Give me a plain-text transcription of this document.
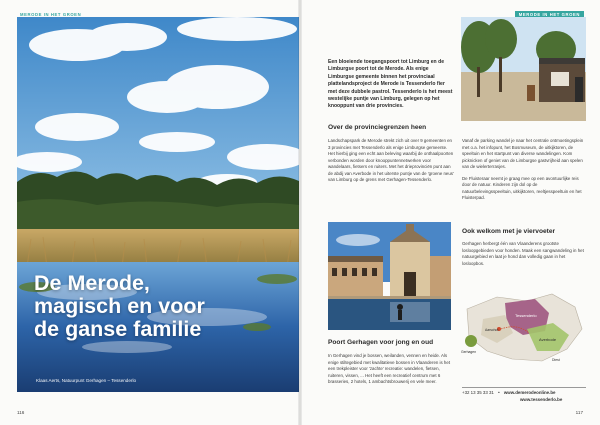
MERODE IN HET GROEN
De Merode,
magisch en voor
de ganse familie
Klaas Aerts, Natuurpunt Gerhagen – Tessenderlo
116
MERODE IN HET GROEN
117
Een bloeiende toegangspoort tot Limburg en de Limburgse poort tot de Merode. Als enige Limburgse gemeente binnen het provinciaal plattelandsproject de Merode is Tessenderlo fier met deze dubbele pastrol. Tessenderlo is het meest westelijke puntje van Limburg, gelegen op het knooppunt van drie provincies.
Over de provinciegrenzen heen

Landschapspark de Merode strekt zich uit over 9 gemeenten en 3 provincies met Tessenderlo als enige Limburgse gemeente. Het hierbij ging een echt aan beleving waarbij de onthaalpoorten verbonden worden door knooppuntennetwerken voor wandelaars, fietsers en ruiters. Met het drieprovinciën punt aan de abdij van Averbode in het uiterste puntje van de 'groene neus' van Limburg op de grens met Gerhagen-Tessenderlo.

Vanaf de parking wandel je naar het centrale ontmoetingsplein met o.a. het infopunt, het Bosmuseum, de uitkijktoren, de speeltuin en het startpunt van diverse wandelingen. Kom picknicken of geniet van de Limburgse gastvrijheid aan spelen van de wielerterrasjes.

De Fluisteraar neemt je graag mee op een avontuurlijke reis door de natuur. Kinderen zijn dol op de natuurbelevingsspeeltuin, uitkijktoren, reeltjesspeeltuin en het Fluisterpad.

Ook welkom met je viervoeter

Gerhagen herbergt één van Vlaanderens grootste losloopgebieden voor honden. Maak een sangwandeling in het natuurgebied en laat je hond dan volledig gaan in het losloopbos.

Tessenderlo
Averbode
Aarschot
Diest
Gerhagen
Poort Gerhagen voor jong en oud

In Gerhagen vind je bossen, weilanden, vennen en heide. Als enige stiltegebied met kwalitatieve bossen in Vlaanderen is het een trekpleister voor 'zachte' recreatie: wandelen, fietsen, ruiteren, vissen, ... Het heeft een recreatief centrum met 6 brasseries, 2 hotels, 1 ambachtsbrouwerij en vele meer.

+32 13 35 33 31 • www.demerodeonline.be
www.tessenderlo.be
